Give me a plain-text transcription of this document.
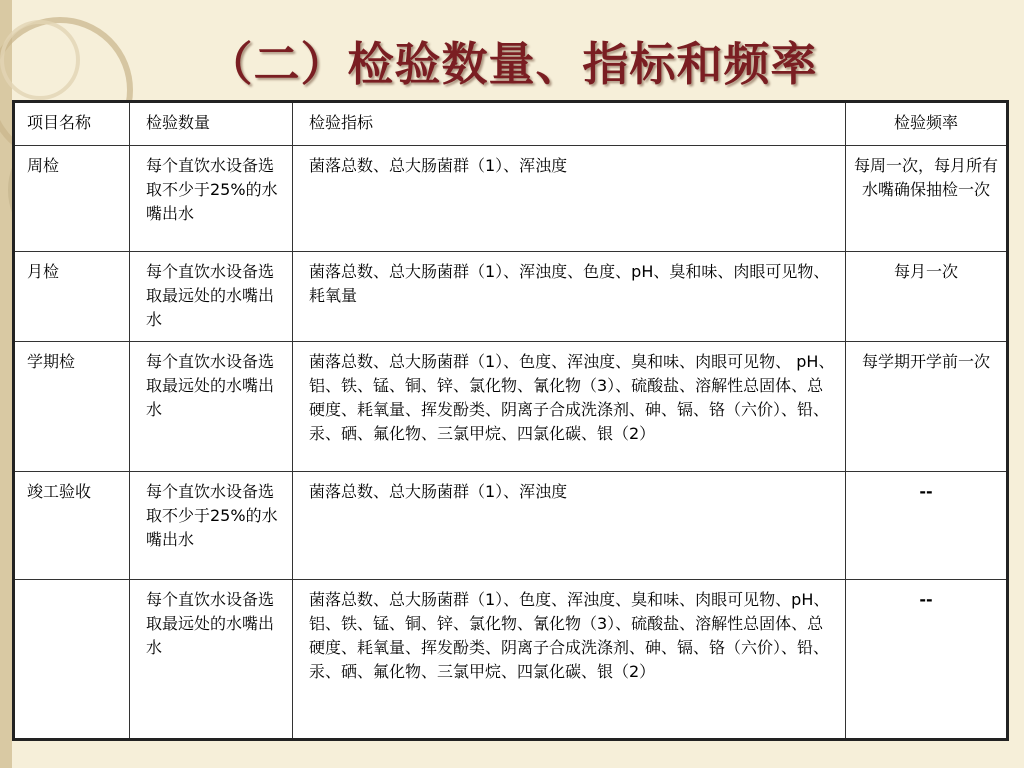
（二）检验数量、指标和频率
项目名称	检验数量	检验指标	检验频率
周检	每个直饮水设备选取不少于25%的水嘴出水	菌落总数、总大肠菌群（1）、浑浊度	每周一次，每月所有水嘴确保抽检一次
月检	每个直饮水设备选取最远处的水嘴出水	菌落总数、总大肠菌群（1）、浑浊度、色度、pH、臭和味、肉眼可见物、耗氧量	每月一次
学期检	每个直饮水设备选取最远处的水嘴出水	菌落总数、总大肠菌群（1）、色度、浑浊度、臭和味、肉眼可见物、 pH、铝、铁、锰、铜、锌、氯化物、氰化物（3）、硫酸盐、溶解性总固体、总硬度、耗氧量、挥发酚类、阴离子合成洗涤剂、砷、镉、铬（六价）、铅、汞、硒、氟化物、三氯甲烷、四氯化碳、银（2）	每学期开学前一次
竣工验收	每个直饮水设备选取不少于25%的水嘴出水	菌落总数、总大肠菌群（1）、浑浊度	--
	每个直饮水设备选取最远处的水嘴出水	菌落总数、总大肠菌群（1）、色度、浑浊度、臭和味、肉眼可见物、pH、铝、铁、锰、铜、锌、氯化物、氰化物（3）、硫酸盐、溶解性总固体、总硬度、耗氧量、挥发酚类、阴离子合成洗涤剂、砷、镉、铬（六价）、铅、汞、硒、氟化物、三氯甲烷、四氯化碳、银（2）	--
